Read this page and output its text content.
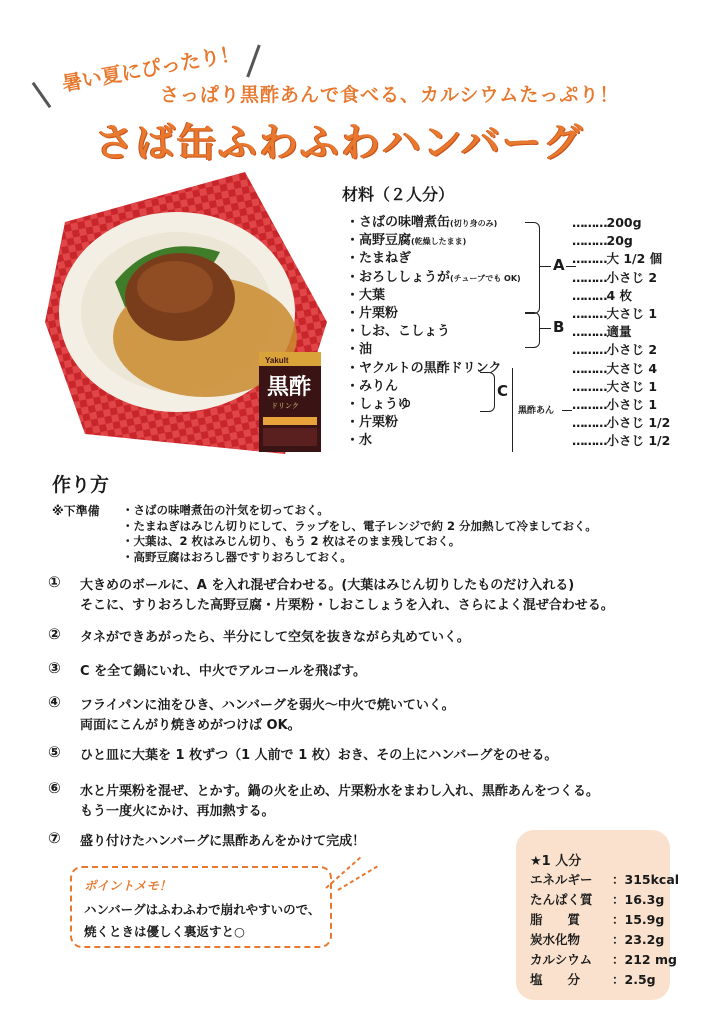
暑い夏にぴったり！
さっぱり黒酢あんで食べる、カルシウムたっぷり！
さば缶ふわふわハンバーグ
Yakult
黒酢
ドリンク
材料（２人分）
・さばの味噌煮缶(切り身のみ)	………200g
・高野豆腐(乾燥したまま)	………20g
・たまねぎ	………大 1/2 個
・おろししょうが(チューブでも OK)	………小さじ 2
・大葉	………4 枚
・片栗粉	………大さじ 1
・しお、こしょう	………適量
・油	………小さじ 2
・ヤクルトの黒酢ドリンク	………大さじ 4
・みりん	………大さじ 1
・しょうゆ	………小さじ 1
・片栗粉	………小さじ 1/2
・水	………小さじ 1/2
A
B
C
黒酢あん
作り方
※下準備 ・さばの味噌煮缶の汁気を切っておく。
・たまねぎはみじん切りにして、ラップをし、電子レンジで約 2 分加熱して冷ましておく。
・大葉は、2 枚はみじん切り、もう 2 枚はそのまま残しておく。
・高野豆腐はおろし器ですりおろしておく。
① 大きめのボールに、A を入れ混ぜ合わせる。(大葉はみじん切りしたものだけ入れる)
そこに、すりおろした高野豆腐・片栗粉・しおこしょうを入れ、さらによく混ぜ合わせる。
② タネができあがったら、半分にして空気を抜きながら丸めていく。
③ C を全て鍋にいれ、中火でアルコールを飛ばす。
④ フライパンに油をひき、ハンバーグを弱火～中火で焼いていく。
両面にこんがり焼きめがつけば OK。
⑤ ひと皿に大葉を 1 枚ずつ（1 人前で 1 枚）おき、その上にハンバーグをのせる。
⑥ 水と片栗粉を混ぜ、とかす。鍋の火を止め、片栗粉水をまわし入れ、黒酢あんをつくる。
もう一度火にかけ、再加熱する。
⑦ 盛り付けたハンバーグに黒酢あんをかけて完成！
ポイントメモ！
ハンバーグはふわふわで崩れやすいので、
焼くときは優しく裏返すと○
★1 人分
エネルギー ：315kcal
たんぱく質 ：16.3g
脂　　質	：15.9g
炭水化物	：23.2g
カルシウム ：212 mg
塩　　分	：2.5g
